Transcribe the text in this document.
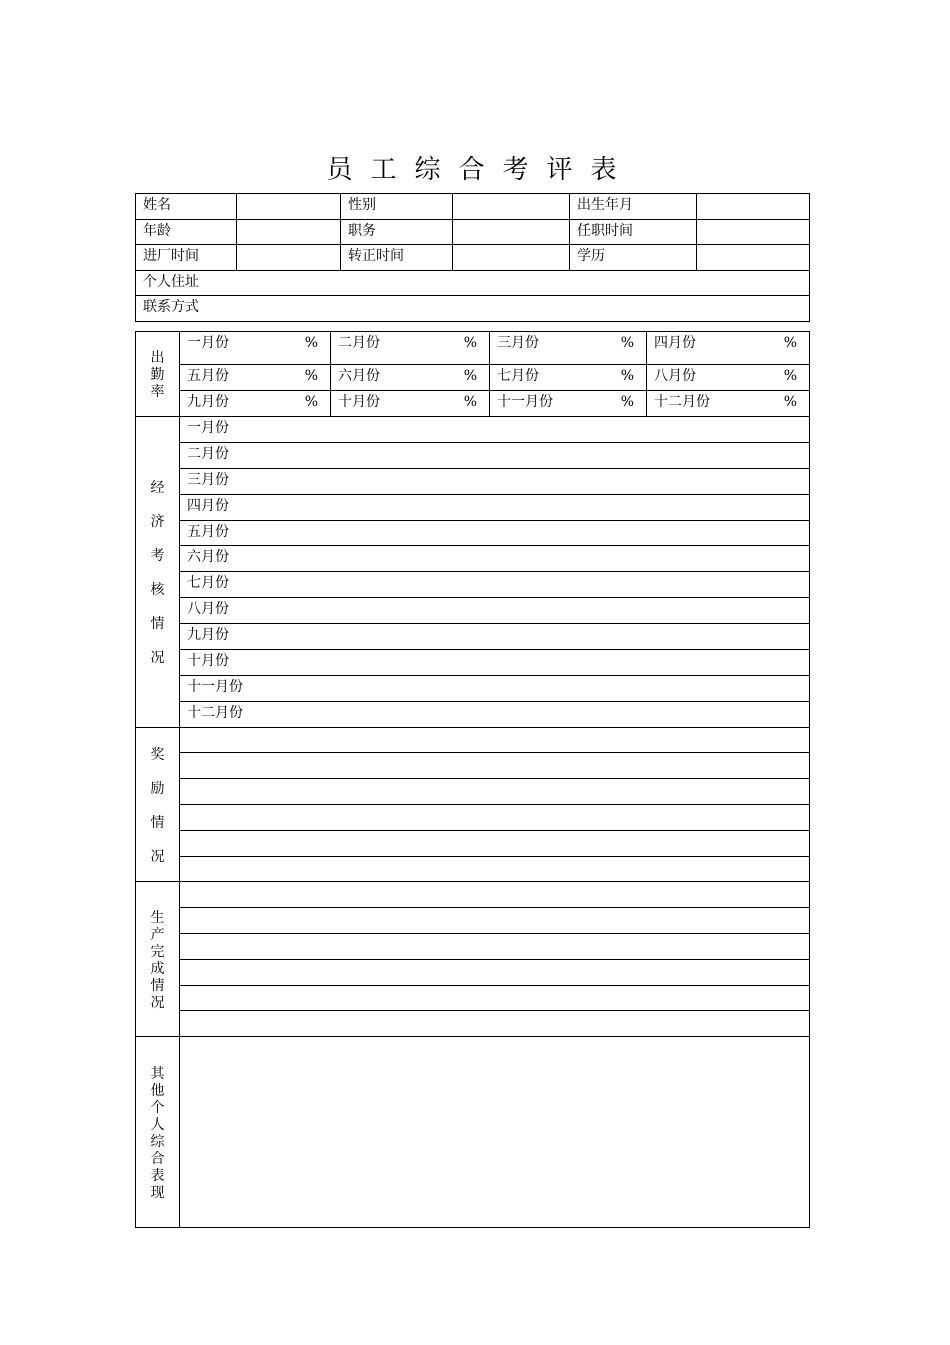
员工综合考评表
姓名		性别		出生年月	
年龄		职务		任职时间	
进厂时间		转正时间		学历	
个人住址					
联系方式					
出勤率	一月份 %	二月份 %	三月份 %	四月份 %

	五月份 %	六月份 %	七月份 %	八月份 %

	九月份 %	十月份 %	十一月份 %	十二月份 %

经济考核情况	一月份			
	二月份			
	三月份			
	四月份			
	五月份			
	六月份			
	七月份			
	八月份			
	九月份			
	十月份			
	十一月份			
	十二月份			

奖励情况				

生产完成情况				

其他个人综合表现				
